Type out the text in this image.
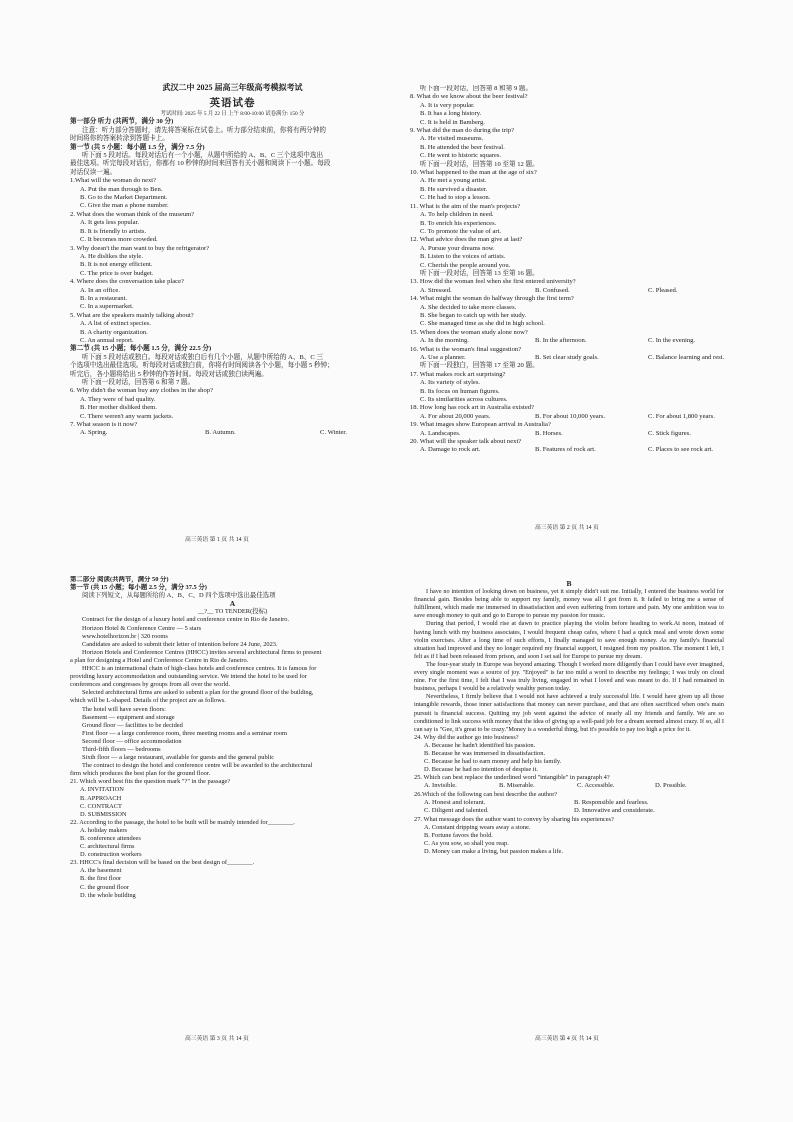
武汉二中 2025 届高三年级高考模拟考试

英语试卷

考试时间: 2025 年 5 月 22 日 上午 8:00-10:00 试卷满分: 150 分

第一部分 听力 (共两节，满分 30 分)

注意：听力部分答题时，请先将答案标在试卷上。听力部分结束前，你将有两分钟的

时间将你的答案转涂到答题卡上。

第一节 (共 5 小题：每小题 1.5 分，满分 7.5 分)

听下面 5 段对话。每段对话后有一个小题，从题中所给的 A、B、C 三个选项中选出

最佳选项。听完每段对话后，你都有 10 秒钟的时间来回答有关小题和阅读下一小题。每段

对话仅读一遍。

1.What will the woman do next?

A. Put the man through to Ben.

B. Go to the Market Department.

C. Give the man a phone number.

2. What does the woman think of the museum?

A. It gets less popular.

B. It is friendly to artists.

C. It becomes more crowded.

3. Why doesn't the man want to buy the refrigerator?

A. He dislikes the style.

B. It is not energy efficient.

C. The price is over budget.

4. Where does the conversation take place?

A. In an office.

B. In a restaurant.

C. In a supermarket.

5. What are the speakers mainly talking about?

A. A list of extinct species.

B. A charity organization.

C. An annual report.

第二节 (共 15 小题；每小题 1.5 分，满分 22.5 分)

听下面 5 段对话或独白。每段对话或独白后有几个小题，从题中所给的 A、B、C 三

个选项中选出最佳选项。听每段对话或独白前，你将有时间阅读各个小题，每小题 5 秒钟；

听完后，各小题将给出 5 秒钟的作答时间。每段对话或独白读两遍。

听下面一段对话，回答第 6 和第 7 题。

6. Why didn't the woman buy any clothes in the shop?

A. They were of bad quality.

B. Her mother disliked them.

C. There weren't any warm jackets.

7. What season is it now?

A. Spring.	B. Autumn.	C. Winter.
高三英语 第 1 页 共 14 页

听下面一段对话，回答第 8 和第 9 题。

8. What do we know about the beer festival?

A. It is very popular.

B. It has a long history.

C. It is held in Bamberg.

9. What did the man do during the trip?

A. He visited museums.

B. He attended the beer festival.

C. He went to historic squares.

听下面一段对话，回答第 10 至第 12 题。

10. What happened to the man at the age of six?

A. He met a young artist.

B. He survived a disaster.

C. He had to stop a lesson.

11. What is the aim of the man's projects?

A. To help children in need.

B. To enrich his experiences.

C. To promote the value of art.

12. What advice does the man give at last?

A. Pursue your dreams now.

B. Listen to the voices of artists.

C. Cherish the people around you.

听下面一段对话，回答第 13 至第 16 题。

13. How did the woman feel when she first entered university?

A. Stressed.	B. Confused.	C. Pleased.

14. What might the woman do halfway through the first term?

A. She decided to take more classes.

B. She began to catch up with her study.

C. She managed time as she did in high school.

15. When does the woman study alone now?

A. In the morning.	B. In the afternoon.	C. In the evening.

16. What is the woman's final suggestion?

A. Use a planner.	B. Set clear study goals.	C. Balance learning and rest.

听下面一段独白，回答第 17 至第 20 题。

17. What makes rock art surprising?

A. Its variety of styles.

B. Its focus on human figures.

C. Its similarities across cultures.

18. How long has rock art in Australia existed?

A. For about 20,000 years.	B. For about 10,000 years.	C. For about 1,800 years.

19. What images show European arrival in Australia?

A. Landscapes.	B. Horses.	C. Stick figures.

20. What will the speaker talk about next?

A. Damage to rock art.	B. Features of rock art.	C. Places to see rock art.
高三英语 第 2 页 共 14 页

第二部分 阅读(共两节，满分 50 分)

第一节 (共 15 小题；每小题 2.5 分，满分 37.5 分)

阅读下列短文，从每题所给的 A、B、C、D 四个选项中选出最佳选项

A

__?__ TO TENDER(投标)

Contract for the design of a luxury hotel and conference centre in Rio de Janeiro.

Horizon Hotel & Conference Centre — 5 stars

www.hotelhorizon.br | 320 rooms

Candidates are asked to submit their letter of intention before 24 June, 2023.

Horizon Hotels and Conference Centres (HHCC) invites several architectural firms to present

a plan for designing a Hotel and Conference Centre in Rio de Janeiro.

HHCC is an international chain of high-class hotels and conference centres. It is famous for

providing luxury accommodation and outstanding service. We intend the hotel to be used for

conferences and congresses by groups from all over the world.

Selected architectural firms are asked to submit a plan for the ground floor of the building,

which will be L-shaped. Details of the project are as follows.

The hotel will have seven floors:

Basement — equipment and storage

Ground floor — facilities to be decided

First floor — a large conference room, three meeting rooms and a seminar room

Second floor — office accommodation

Third-fifth floors — bedrooms

Sixth floor — a large restaurant, available for guests and the general public

The contract to design the hotel and conference centre will be awarded to the architectural

firm which produces the best plan for the ground floor.

21. Which word best fits the question mark "?" in the passage?

A. INVITATION

B. APPROACH

C. CONTRACT

D. SUBMISSION

22. According to the passage, the hotel to be built will be mainly intended for________.

A. holiday makers

B. conference attendees

C. architectural firms

D. construction workers

23. HHCC's final decision will be based on the best design of________.

A. the basement

B. the first floor

C. the ground floor

D. the whole building

高三英语 第 3 页 共 14 页

B

I have no intention of looking down on business, yet it simply didn't suit me. Initially, I entered the business world for financial gain. Besides being able to support my family, money was all I got from it. It failed to bring me a sense of fulfillment, which made me immersed in dissatisfaction and even suffering from torture and pain. My one ambition was to save enough money to quit and go to Europe to pursue my passion for music.

During that period, I would rise at dawn to practice playing the violin before heading to work.At noon, instead of having lunch with my business associates, I would frequent cheap cafes, where I had a quick meal and wrote down some violin exercises. After a long time of such efforts, I finally managed to save enough money. As my family's financial situation had improved and they no longer required my financial support, I resigned from my position. The moment I left, I felt as if I had been released from prison, and soon I set sail for Europe to pursue my dream.

The four-year study in Europe was beyond amazing. Though I worked more diligently than I could have ever imagined, every single moment was a source of joy. "Enjoyed" is far too mild a word to describe my feelings; I was truly on cloud nine. For the first time, I felt that I was truly living, engaged in what I loved and was meant to do. If I had remained in business, perhaps I would be a relatively wealthy person today.

Nevertheless, I firmly believe that I would not have achieved a truly successful life. I would have given up all those intangible rewards, those inner satisfactions that money can never purchase, and that are often sacrificed when one's main pursuit is financial success. Quitting my job went against the advice of nearly all my friends and family. We are so conditioned to link success with money that the idea of giving up a well-paid job for a dream seemed almost crazy. If so, all I can say is "Gee, it's great to be crazy."Money is a wonderful thing, but it's possible to pay too high a price for it.

24. Why did the author go into business?

A. Because he hadn't identified his passion.

B. Because he was immersed in dissatisfaction.

C. Because he had to earn money and help his family.

D. Because he had no intention of despise it.

25. Which can best replace the underlined word "intangible" in paragraph 4?

A. Invisible.	B. Miserable.	C. Accessible.	D. Possible.

26.Which of the following can best describe the author?

A. Honest and tolerant.	B. Responsible and fearless.
C. Diligent and talented.	D. Innovative and considerate.

27. What message does the author want to convey by sharing his experiences?

A. Constant dripping wears away a stone.

B. Fortune favors the bold.

C. As you sow, so shall you reap.

D. Money can make a living, but passion makes a life.

高三英语 第 4 页 共 14 页
